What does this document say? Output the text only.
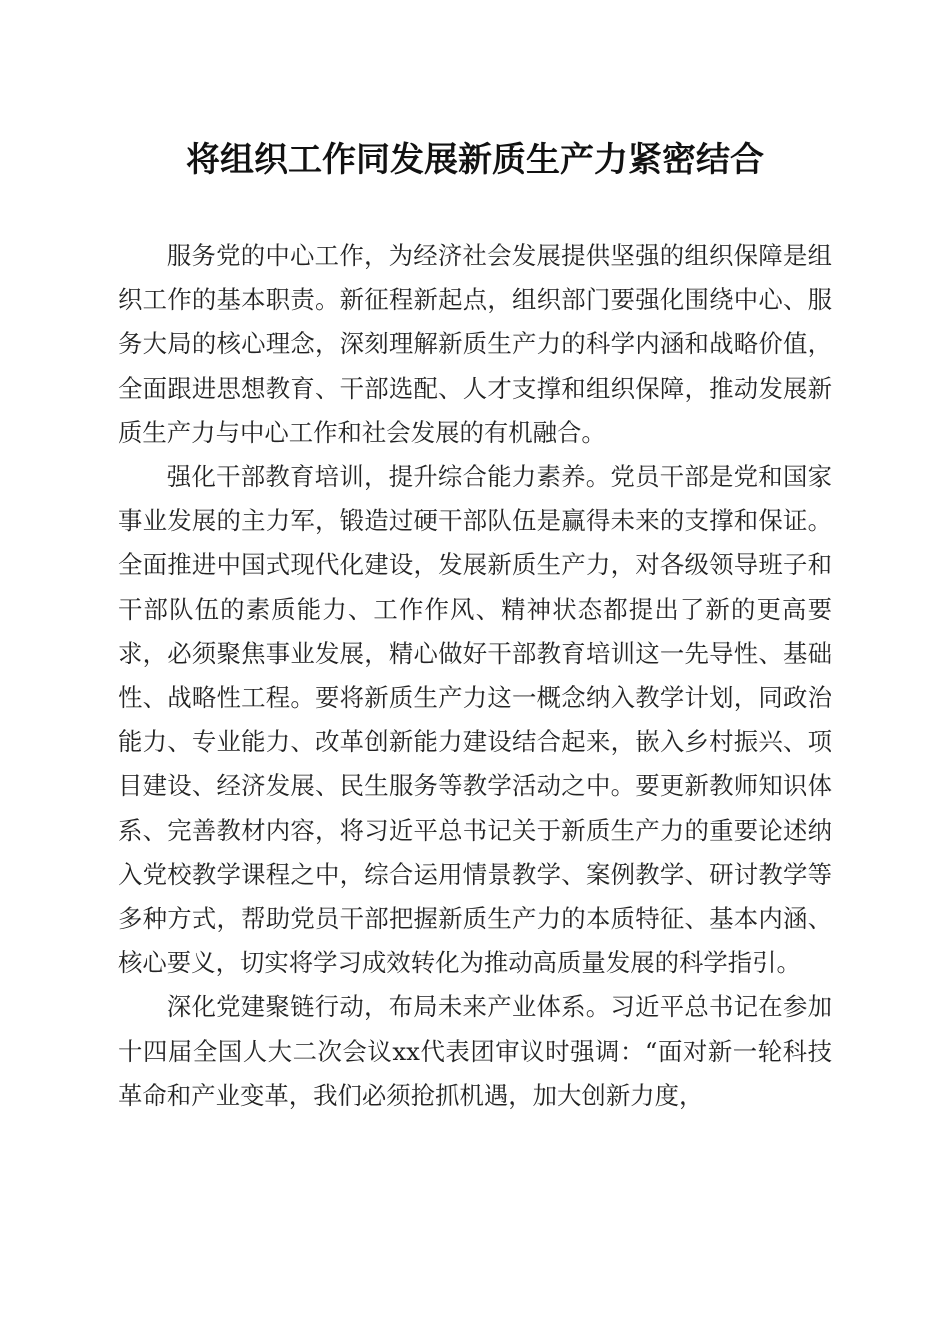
将组织工作同发展新质生产力紧密结合

服务党的中心工作，为经济社会发展提供坚强的组织保障是组织工作的基本职责。新征程新起点，组织部门要强化围绕中心、服务大局的核心理念，深刻理解新质生产力的科学内涵和战略价值，全面跟进思想教育、干部选配、人才支撑和组织保障，推动发展新质生产力与中心工作和社会发展的有机融合。

强化干部教育培训，提升综合能力素养。党员干部是党和国家事业发展的主力军，锻造过硬干部队伍是赢得未来的支撑和保证。全面推进中国式现代化建设，发展新质生产力，对各级领导班子和干部队伍的素质能力、工作作风、精神状态都提出了新的更高要求，必须聚焦事业发展，精心做好干部教育培训这一先导性、基础性、战略性工程。要将新质生产力这一概念纳入教学计划，同政治能力、专业能力、改革创新能力建设结合起来，嵌入乡村振兴、项目建设、经济发展、民生服务等教学活动之中。要更新教师知识体系、完善教材内容，将习近平总书记关于新质生产力的重要论述纳入党校教学课程之中，综合运用情景教学、案例教学、研讨教学等多种方式，帮助党员干部把握新质生产力的本质特征、基本内涵、核心要义，切实将学习成效转化为推动高质量发展的科学指引。

深化党建聚链行动，布局未来产业体系。习近平总书记在参加十四届全国人大二次会议xx代表团审议时强调：“面对新一轮科技革命和产业变革，我们必须抢抓机遇，加大创新力度，
